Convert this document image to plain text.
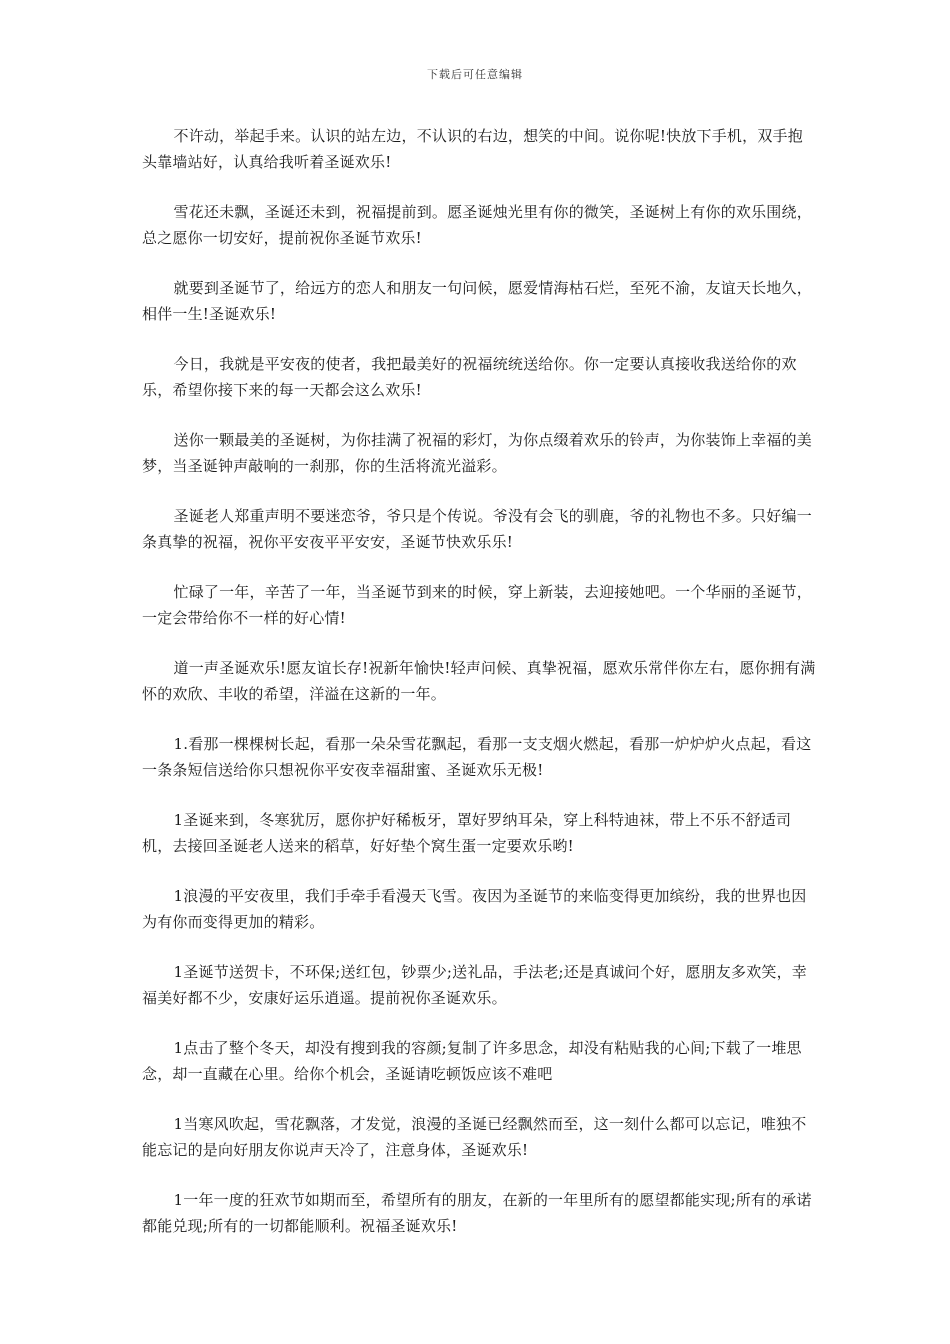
下载后可任意编辑

不许动，举起手来。认识的站左边，不认识的右边，想笑的中间。说你呢!快放下手机，双手抱头靠墙站好，认真给我听着圣诞欢乐!

雪花还未飘，圣诞还未到，祝福提前到。愿圣诞烛光里有你的微笑，圣诞树上有你的欢乐围绕，总之愿你一切安好，提前祝你圣诞节欢乐!

就要到圣诞节了，给远方的恋人和朋友一句问候，愿爱情海枯石烂，至死不渝，友谊天长地久，相伴一生!圣诞欢乐!

今日，我就是平安夜的使者，我把最美好的祝福统统送给你。你一定要认真接收我送给你的欢乐，希望你接下来的每一天都会这么欢乐!

送你一颗最美的圣诞树，为你挂满了祝福的彩灯，为你点缀着欢乐的铃声，为你装饰上幸福的美梦，当圣诞钟声敲响的一刹那，你的生活将流光溢彩。

圣诞老人郑重声明不要迷恋爷，爷只是个传说。爷没有会飞的驯鹿，爷的礼物也不多。只好编一条真挚的祝福，祝你平安夜平平安安，圣诞节快欢乐乐!

忙碌了一年，辛苦了一年，当圣诞节到来的时候，穿上新装，去迎接她吧。一个华丽的圣诞节，一定会带给你不一样的好心情!

道一声圣诞欢乐!愿友谊长存!祝新年愉快!轻声问候、真挚祝福，愿欢乐常伴你左右，愿你拥有满怀的欢欣、丰收的希望，洋溢在这新的一年。

1.看那一棵棵树长起，看那一朵朵雪花飘起，看那一支支烟火燃起，看那一炉炉炉火点起，看这一条条短信送给你只想祝你平安夜幸福甜蜜、圣诞欢乐无极!

1圣诞来到，冬寒犹厉，愿你护好稀板牙，罩好罗纳耳朵，穿上科特迪袜，带上不乐不舒适司机，去接回圣诞老人送来的稻草，好好垫个窝生蛋一定要欢乐哟!

1浪漫的平安夜里，我们手牵手看漫天飞雪。夜因为圣诞节的来临变得更加缤纷，我的世界也因为有你而变得更加的精彩。

1圣诞节送贺卡，不环保;送红包，钞票少;送礼品，手法老;还是真诚问个好，愿朋友多欢笑，幸福美好都不少，安康好运乐逍遥。提前祝你圣诞欢乐。

1点击了整个冬天，却没有搜到我的容颜;复制了许多思念，却没有粘贴我的心间;下载了一堆思念，却一直藏在心里。给你个机会，圣诞请吃顿饭应该不难吧

1当寒风吹起，雪花飘落，才发觉，浪漫的圣诞已经飘然而至，这一刻什么都可以忘记，唯独不能忘记的是向好朋友你说声天冷了，注意身体，圣诞欢乐!

1一年一度的狂欢节如期而至，希望所有的朋友，在新的一年里所有的愿望都能实现;所有的承诺都能兑现;所有的一切都能顺利。祝福圣诞欢乐!
